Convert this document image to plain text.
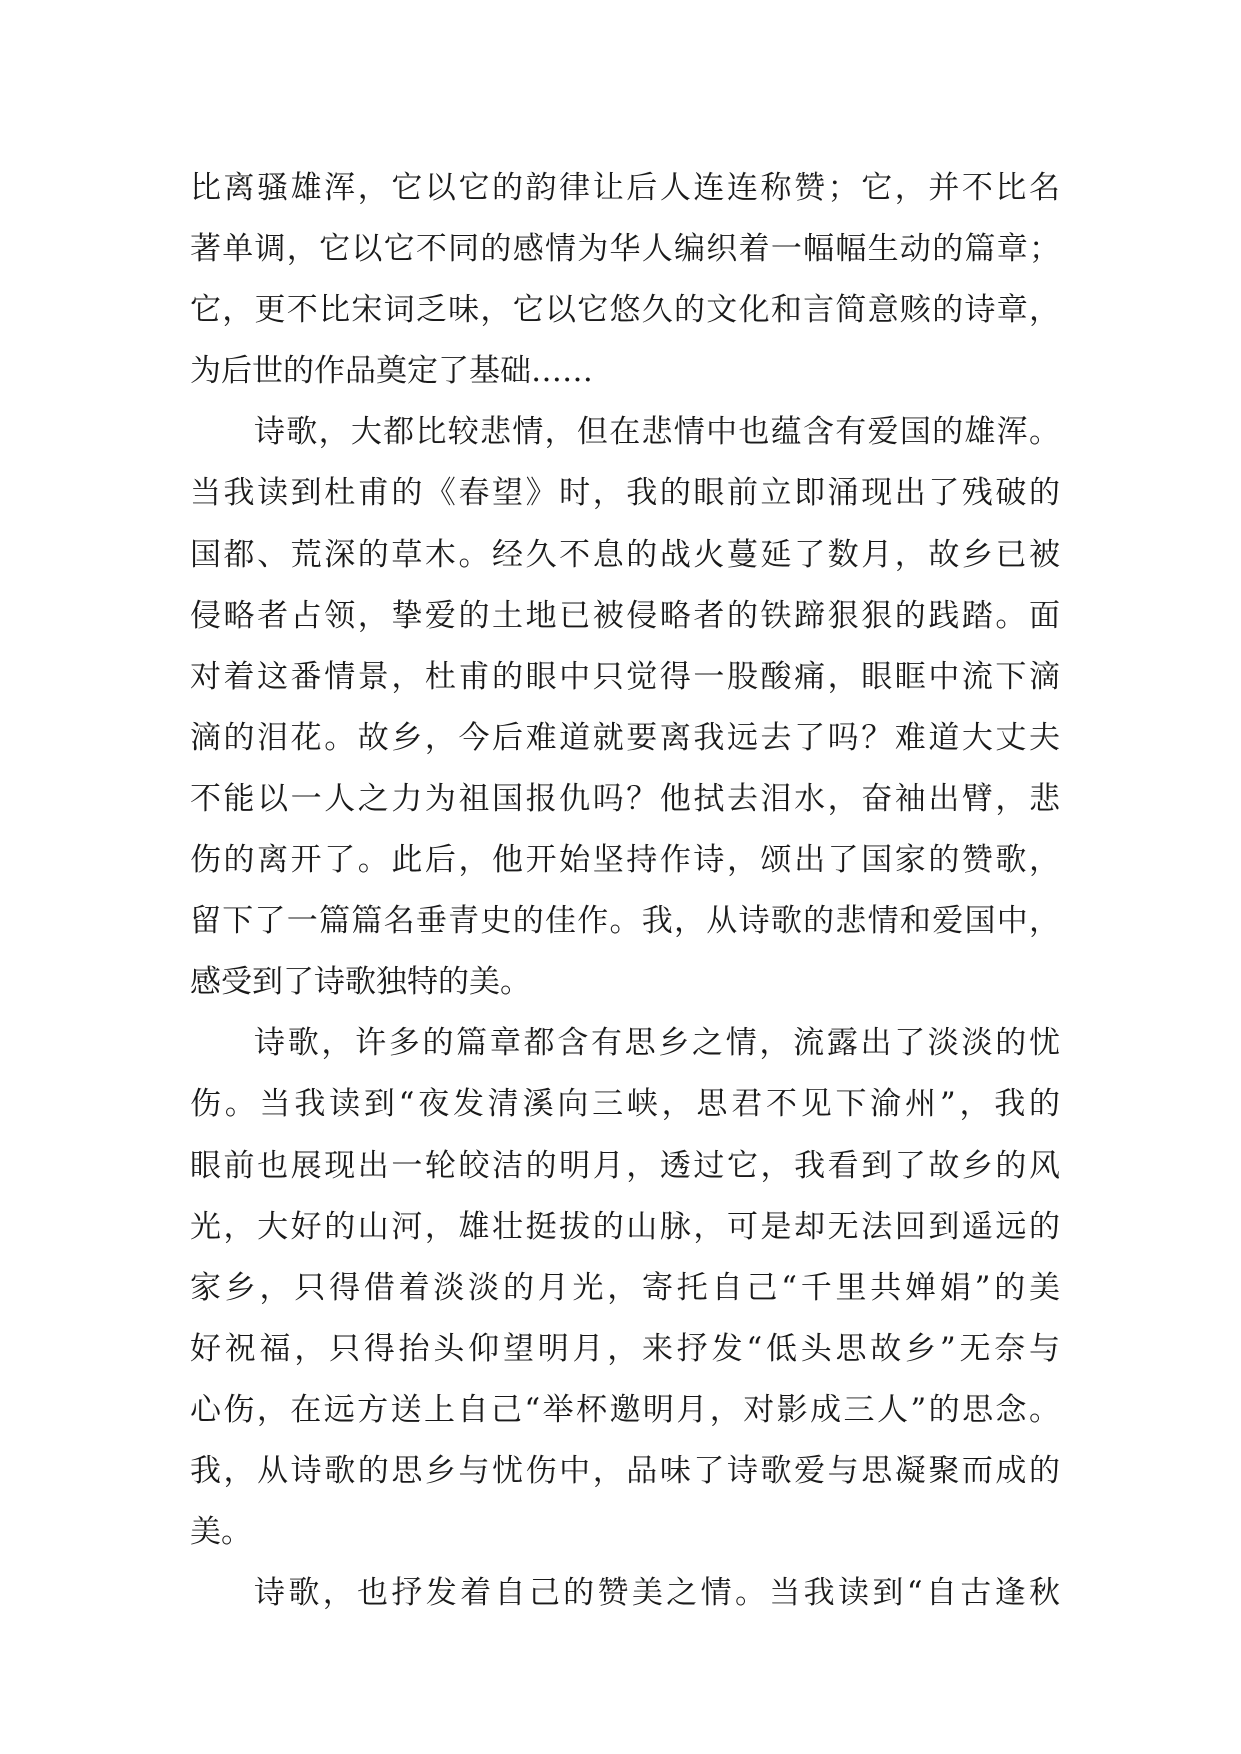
比离骚雄浑，它以它的韵律让后人连连称赞；它，并不比名
著单调，它以它不同的感情为华人编织着一幅幅生动的篇章；
它，更不比宋词乏味，它以它悠久的文化和言简意赅的诗章，
为后世的作品奠定了基础……
诗歌，大都比较悲情，但在悲情中也蕴含有爱国的雄浑。
当我读到杜甫的《春望》时，我的眼前立即涌现出了残破的
国都、荒深的草木。经久不息的战火蔓延了数月，故乡已被
侵略者占领，挚爱的土地已被侵略者的铁蹄狠狠的践踏。面
对着这番情景，杜甫的眼中只觉得一股酸痛，眼眶中流下滴
滴的泪花。故乡，今后难道就要离我远去了吗？难道大丈夫
不能以一人之力为祖国报仇吗？他拭去泪水，奋袖出臂，悲
伤的离开了。此后，他开始坚持作诗，颂出了国家的赞歌，
留下了一篇篇名垂青史的佳作。我，从诗歌的悲情和爱国中，
感受到了诗歌独特的美。
诗歌，许多的篇章都含有思乡之情，流露出了淡淡的忧
伤。当我读到“夜发清溪向三峡，思君不见下渝州”，我的
眼前也展现出一轮皎洁的明月，透过它，我看到了故乡的风
光，大好的山河，雄壮挺拔的山脉，可是却无法回到遥远的
家乡，只得借着淡淡的月光，寄托自己“千里共婵娟”的美
好祝福，只得抬头仰望明月，来抒发“低头思故乡”无奈与
心伤，在远方送上自己“举杯邀明月，对影成三人”的思念。
我，从诗歌的思乡与忧伤中，品味了诗歌爱与思凝聚而成的
美。
诗歌，也抒发着自己的赞美之情。当我读到“自古逢秋
